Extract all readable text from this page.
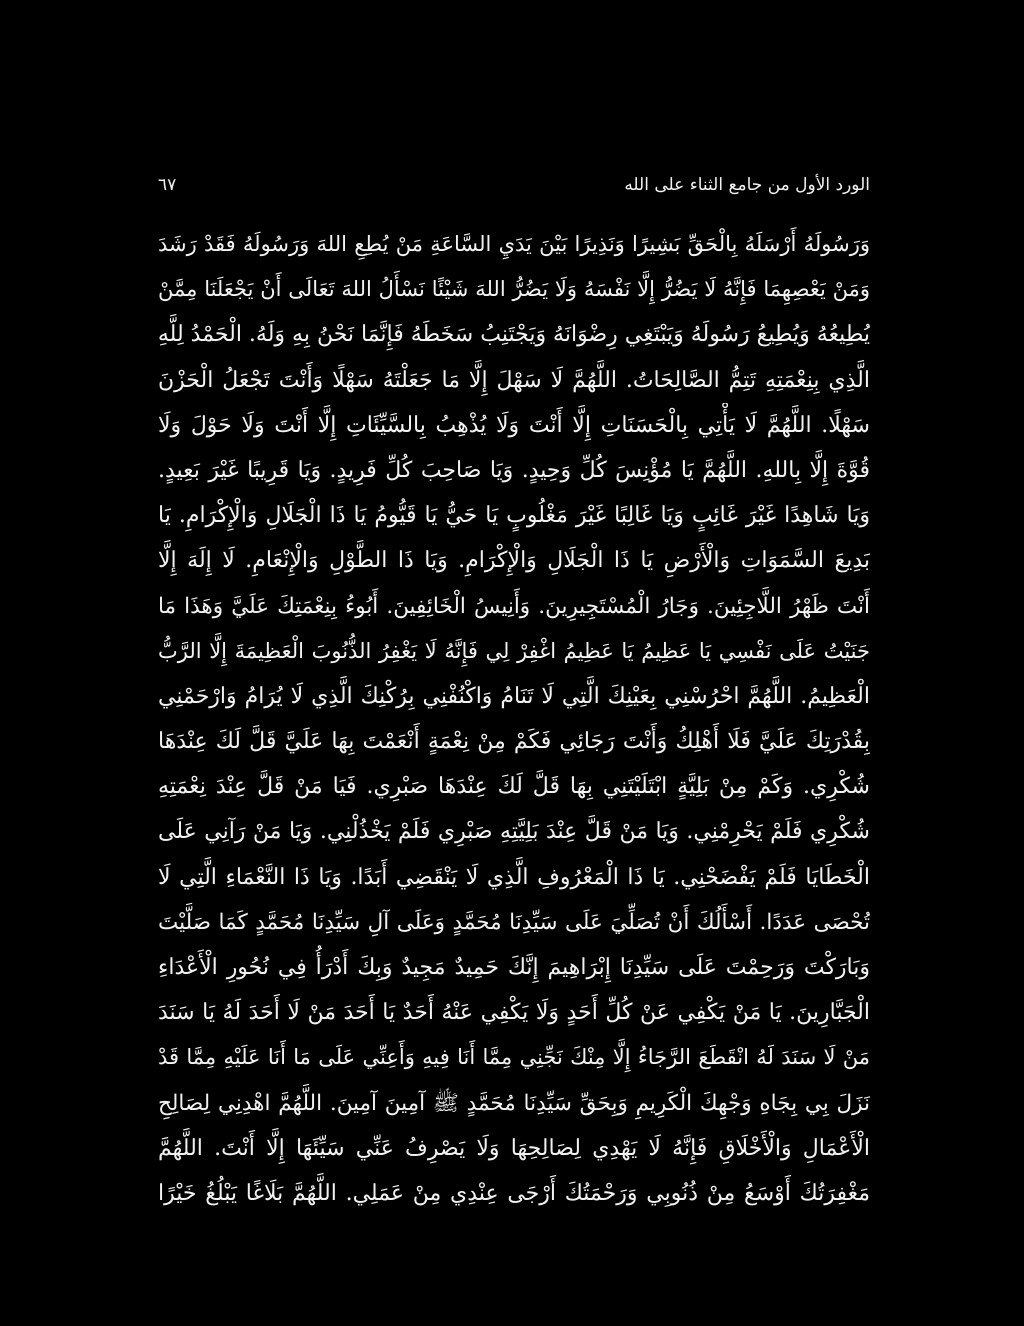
الورد الأول من جامع الثناء على الله
٦٧
وَرَسُولَهُ أَرْسَلَهُ بِالْحَقِّ بَشِيرًا وَنَذِيرًا بَيْنَ يَدَيِ السَّاعَةِ مَنْ يُطِعِ اللهَ وَرَسُولَهُ فَقَدْ رَشَدَ
وَمَنْ يَعْصِهِمَا فَإِنَّهُ لَا يَضُرُّ إِلَّا نَفْسَهُ وَلَا يَضُرُّ اللهَ شَيْئًا نَسْأَلُ اللهَ تَعَالَى أَنْ يَجْعَلَنَا مِمَّنْ
يُطِيعُهُ وَيُطِيعُ رَسُولَهُ وَيَبْتَغِي رِضْوَانَهُ وَيَجْتَنِبُ سَخَطَهُ فَإِنَّمَا نَحْنُ بِهِ وَلَهُ. الْحَمْدُ لِلَّهِ
الَّذِي بِنِعْمَتِهِ تَتِمُّ الصَّالِحَاتُ. اللَّهُمَّ لَا سَهْلَ إِلَّا مَا جَعَلْتَهُ سَهْلًا وَأَنْتَ تَجْعَلُ الْحَزْنَ
سَهْلًا. اللَّهُمَّ لَا يَأْتِي بِالْحَسَنَاتِ إِلَّا أَنْتَ وَلَا يُذْهِبُ بِالسَّيِّئَاتِ إِلَّا أَنْتَ وَلَا حَوْلَ وَلَا
قُوَّةَ إِلَّا بِاللهِ. اللَّهُمَّ يَا مُؤْنِسَ كُلِّ وَحِيدٍ. وَيَا صَاحِبَ كُلِّ فَرِيدٍ. وَيَا قَرِيبًا غَيْرَ بَعِيدٍ.
وَيَا شَاهِدًا غَيْرَ غَائِبٍ وَيَا غَالِبًا غَيْرَ مَغْلُوبٍ يَا حَيُّ يَا قَيُّومُ يَا ذَا الْجَلَالِ وَالْإِكْرَامِ. يَا
بَدِيعَ السَّمَوَاتِ وَالْأَرْضِ يَا ذَا الْجَلَالِ وَالْإِكْرَامِ. وَيَا ذَا الطَّوْلِ وَالْإِنْعَامِ. لَا إِلَهَ إِلَّا
أَنْتَ ظَهْرُ اللَّاجِئِينَ. وَجَارُ الْمُسْتَجِيرِينَ. وَأَنِيسُ الْخَائِفِينَ. أَبُوءُ بِنِعْمَتِكَ عَلَيَّ وَهَذَا مَا
جَنَيْتُ عَلَى نَفْسِي يَا عَظِيمُ يَا عَظِيمُ اغْفِرْ لِي فَإِنَّهُ لَا يَغْفِرُ الذُّنُوبَ الْعَظِيمَةَ إِلَّا الرَّبُّ
الْعَظِيمُ. اللَّهُمَّ احْرُسْنِي بِعَيْنِكَ الَّتِي لَا تَنَامُ وَاكْنُفْنِي بِرُكْنِكَ الَّذِي لَا يُرَامُ وَارْحَمْنِي
بِقُدْرَتِكَ عَلَيَّ فَلَا أَهْلِكُ وَأَنْتَ رَجَائِي فَكَمْ مِنْ نِعْمَةٍ أَنْعَمْتَ بِهَا عَلَيَّ قَلَّ لَكَ عِنْدَهَا
شُكْرِي. وَكَمْ مِنْ بَلِيَّةٍ ابْتَلَيْتَنِي بِهَا قَلَّ لَكَ عِنْدَهَا صَبْرِي. فَيَا مَنْ قَلَّ عِنْدَ نِعْمَتِهِ
شُكْرِي فَلَمْ يَحْرِمْنِي. وَيَا مَنْ قَلَّ عِنْدَ بَلِيَّتِهِ صَبْرِي فَلَمْ يَخْذُلْنِي. وَيَا مَنْ رَآنِي عَلَى
الْخَطَايَا فَلَمْ يَفْضَحْنِي. يَا ذَا الْمَعْرُوفِ الَّذِي لَا يَنْقَضِي أَبَدًا. وَيَا ذَا النَّعْمَاءِ الَّتِي لَا
تُحْصَى عَدَدًا. أَسْأَلُكَ أَنْ تُصَلِّيَ عَلَى سَيِّدِنَا مُحَمَّدٍ وَعَلَى آلِ سَيِّدِنَا مُحَمَّدٍ كَمَا صَلَّيْتَ
وَبَارَكْتَ وَرَحِمْتَ عَلَى سَيِّدِنَا إِبْرَاهِيمَ إِنَّكَ حَمِيدٌ مَجِيدٌ وَبِكَ أَدْرَأُ فِي نُحُورِ الْأَعْدَاءِ
الْجَبَّارِينَ. يَا مَنْ يَكْفِي عَنْ كُلِّ أَحَدٍ وَلَا يَكْفِي عَنْهُ أَحَدٌ يَا أَحَدَ مَنْ لَا أَحَدَ لَهُ يَا سَنَدَ
مَنْ لَا سَنَدَ لَهُ انْقَطَعَ الرَّجَاءُ إِلَّا مِنْكَ نَجِّنِي مِمَّا أَنَا فِيهِ وَأَعِنِّي عَلَى مَا أَنَا عَلَيْهِ مِمَّا قَدْ
نَزَلَ بِي بِجَاهِ وَجْهِكَ الْكَرِيمِ وَبِحَقِّ سَيِّدِنَا مُحَمَّدٍ ﷺ آمِينَ آمِينَ. اللَّهُمَّ اهْدِنِي لِصَالِحِ
الْأَعْمَالِ وَالْأَخْلَاقِ فَإِنَّهُ لَا يَهْدِي لِصَالِحِهَا وَلَا يَصْرِفُ عَنِّي سَيِّئَهَا إِلَّا أَنْتَ. اللَّهُمَّ
مَغْفِرَتُكَ أَوْسَعُ مِنْ ذُنُوبِي وَرَحْمَتُكَ أَرْجَى عِنْدِي مِنْ عَمَلِي. اللَّهُمَّ بَلَاغًا يَبْلُغُ خَيْرًا
